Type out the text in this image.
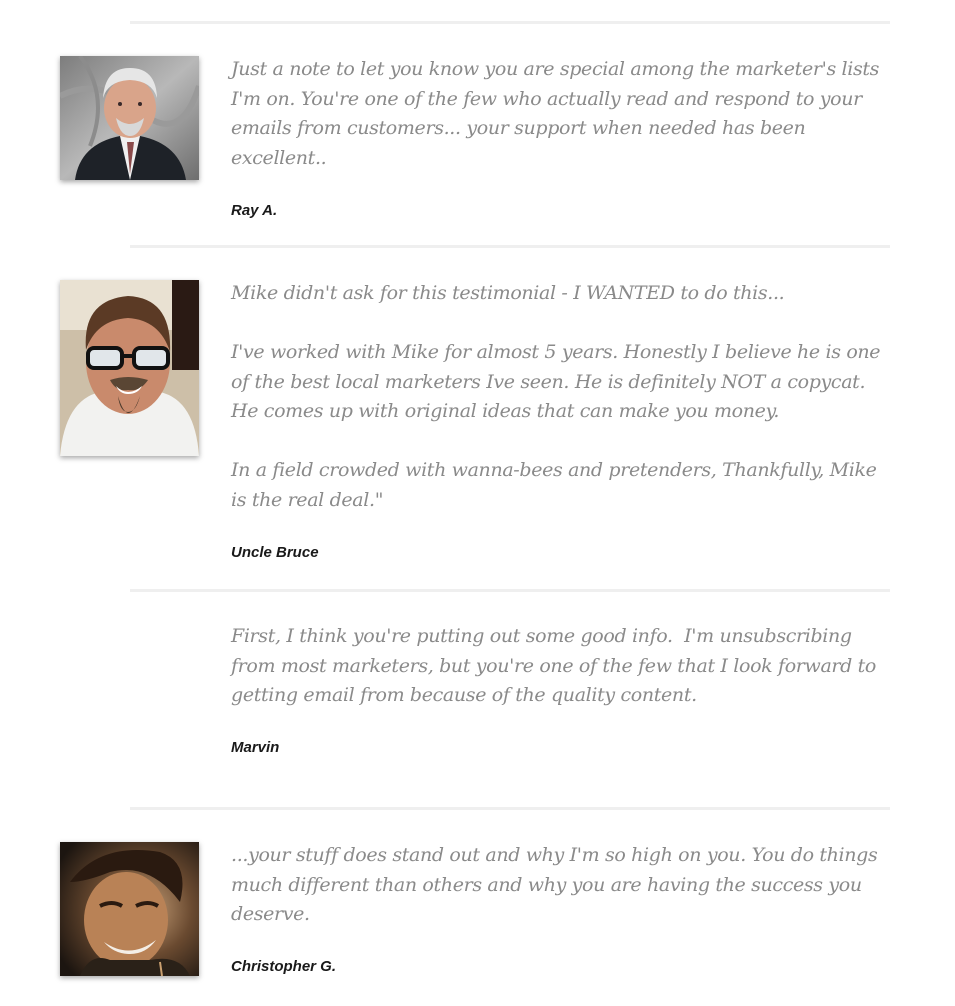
Just a note to let you know you are special among the marketer's lists I'm on. You're one of the few who actually read and respond to your emails from customers... your support when needed has been excellent..

Ray A.

Mike didn't ask for this testimonial - I WANTED to do this...

I've worked with Mike for almost 5 years. Honestly I believe he is one of the best local marketers Ive seen. He is definitely NOT a copycat. He comes up with original ideas that can make you money.

In a field crowded with wanna-bees and pretenders, Thankfully, Mike is the real deal."

Uncle Bruce

First, I think you're putting out some good info.  I'm unsubscribing from most marketers, but you're one of the few that I look forward to getting email from because of the quality content.

Marvin

...your stuff does stand out and why I'm so high on you. You do things much different than others and why you are having the success you deserve.

Christopher G.
